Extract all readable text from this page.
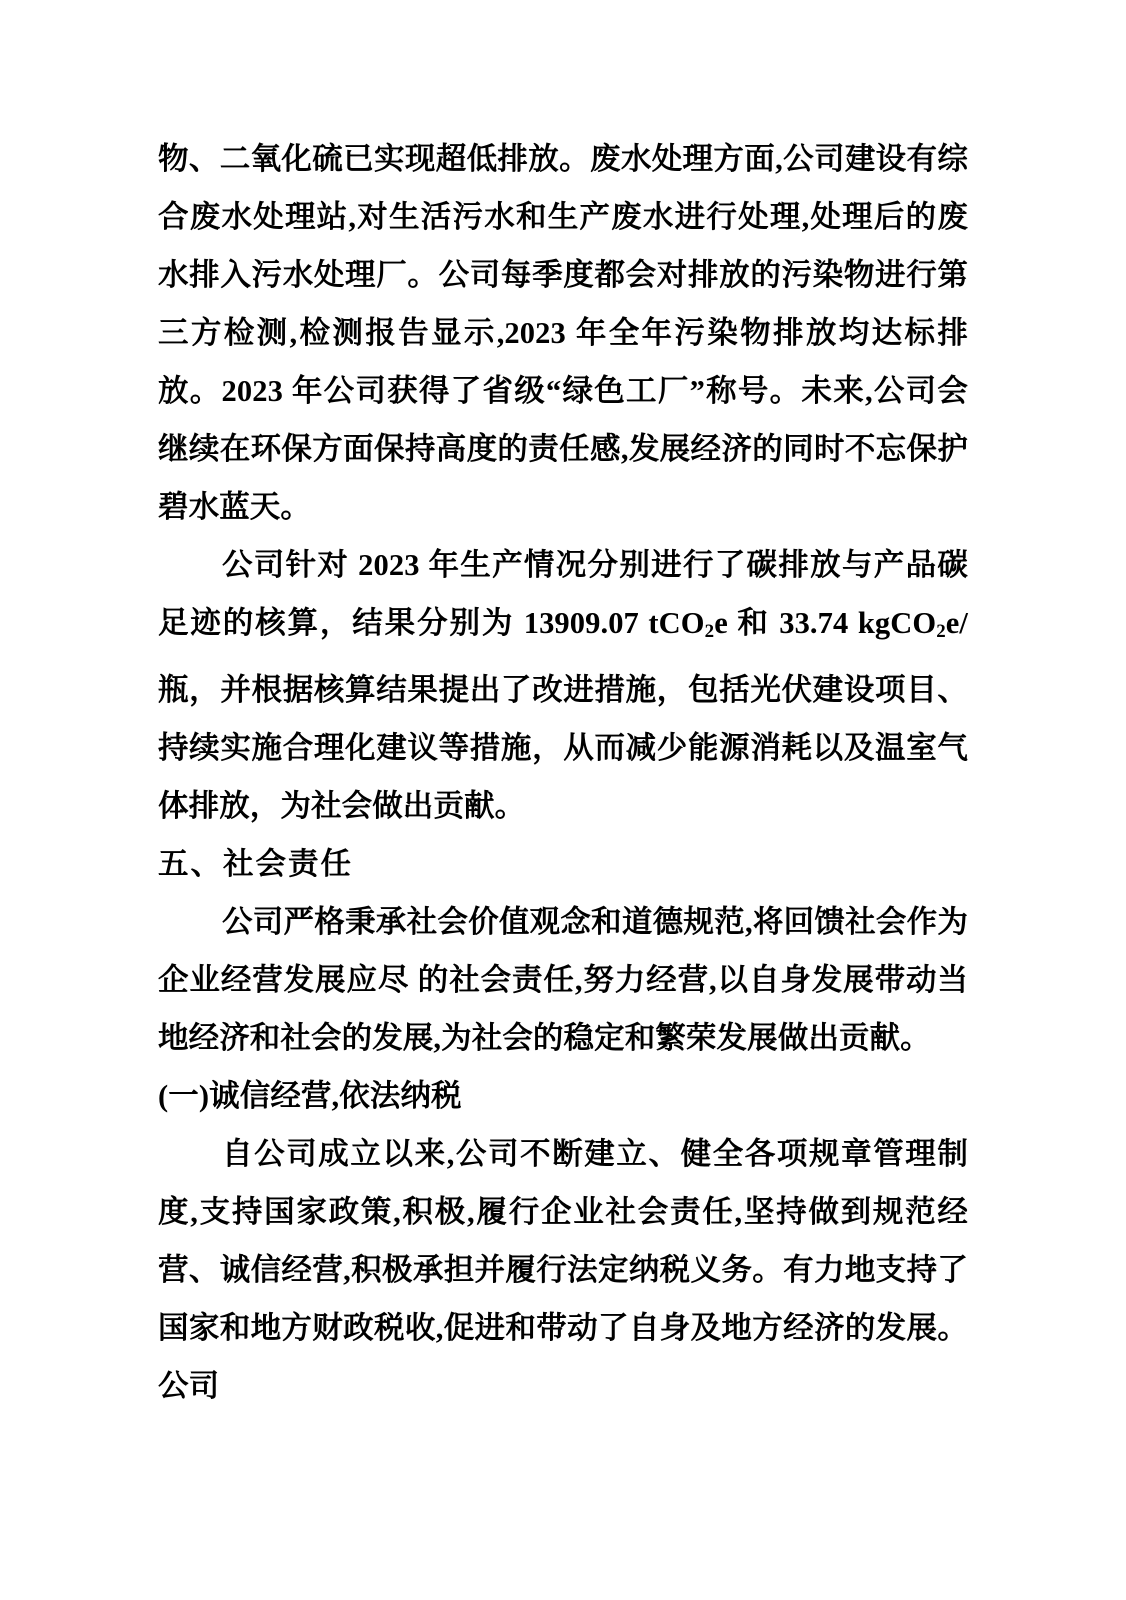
物、二氧化硫已实现超低排放。废水处理方面,公司建设有综合废水处理站,对生活污水和生产废水进行处理,处理后的废水排入污水处理厂。公司每季度都会对排放的污染物进行第三方检测,检测报告显示,2023 年全年污染物排放均达标排放。2023 年公司获得了省级“绿色工厂”称号。未来,公司会继续在环保方面保持高度的责任感,发展经济的同时不忘保护碧水蓝天。

公司针对 2023 年生产情况分别进行了碳排放与产品碳足迹的核算，结果分别为 13909.07 tCO$_2$e 和 33.74 kgCO$_2$e/瓶，并根据核算结果提出了改进措施，包括光伏建设项目、持续实施合理化建议等措施，从而减少能源消耗以及温室气体排放，为社会做出贡献。

五、社会责任

公司严格秉承社会价值观念和道德规范,将回馈社会作为企业经营发展应尽 的社会责任,努力经营,以自身发展带动当地经济和社会的发展,为社会的稳定和繁荣发展做出贡献。

(一)诚信经营,依法纳税

自公司成立以来,公司不断建立、健全各项规章管理制度,支持国家政策,积极,履行企业社会责任,坚持做到规范经营、诚信经营,积极承担并履行法定纳税义务。有力地支持了国家和地方财政税收,促进和带动了自身及地方经济的发展。公司
